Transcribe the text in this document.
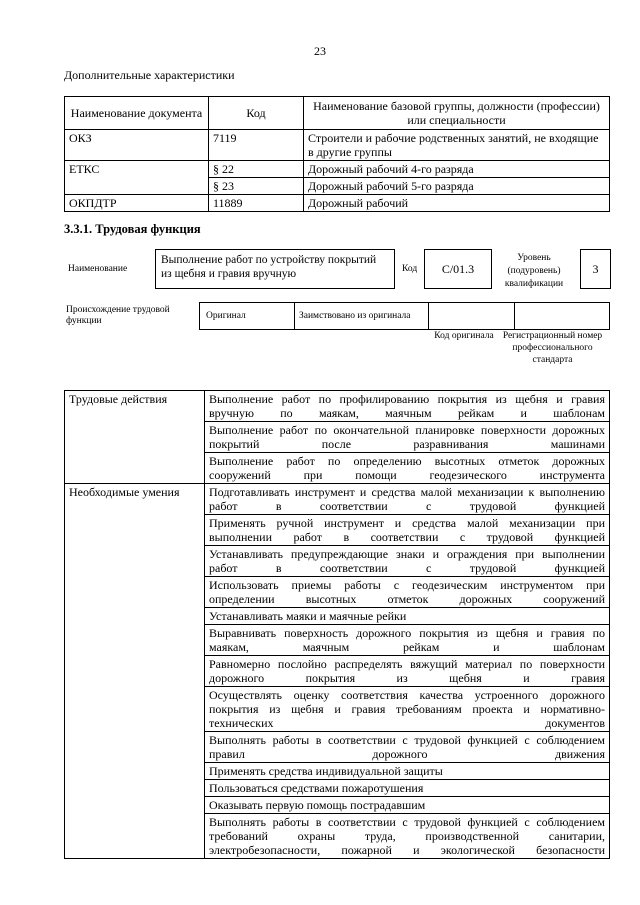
23
Дополнительные характеристики
Наименование документа	Код	Наименование базовой группы, должности (профессии) или специальности
ОКЗ	7119	Строители и рабочие родственных занятий, не входящие в другие группы
ЕТКС	§ 22	Дорожный рабочий 4-го разряда
	§ 23	Дорожный рабочий 5-го разряда
ОКПДТР	11889	Дорожный рабочий
3.3.1. Трудовая функция
Наименование
Выполнение работ по устройству покрытий из щебня и гравия вручную	Код	C/01.3
Уровень (подуровень) квалификации
3
Происхождение трудовой функции
Оригинал	Заимствовано из оригинала		
Код оригинала Регистрационный номер профессионального стандарта
Трудовые действия	Выполнение работ по профилированию покрытия из щебня и гравия вручную по маякам, маячным рейкам и шаблонам
	Выполнение работ по окончательной планировке поверхности дорожных покрытий после разравнивания машинами
	Выполнение работ по определению высотных отметок дорожных сооружений при помощи геодезического инструмента
Необходимые умения	Подготавливать инструмент и средства малой механизации к выполнению работ в соответствии с трудовой функцией
	Применять ручной инструмент и средства малой механизации при выполнении работ в соответствии с трудовой функцией
	Устанавливать предупреждающие знаки и ограждения при выполнении работ в соответствии с трудовой функцией
	Использовать приемы работы с геодезическим инструментом при определении высотных отметок дорожных сооружений
	Устанавливать маяки и маячные рейки
	Выравнивать поверхность дорожного покрытия из щебня и гравия по маякам, маячным рейкам и шаблонам
	Равномерно послойно распределять вяжущий материал по поверхности дорожного покрытия из щебня и гравия
	Осуществлять оценку соответствия качества устроенного дорожного покрытия из щебня и гравия требованиям проекта и нормативно-технических документов
	Выполнять работы в соответствии с трудовой функцией с соблюдением правил дорожного движения
	Применять средства индивидуальной защиты
	Пользоваться средствами пожаротушения
	Оказывать первую помощь пострадавшим
	Выполнять работы в соответствии с трудовой функцией с соблюдением требований охраны труда, производственной санитарии, электробезопасности, пожарной и экологической безопасности
